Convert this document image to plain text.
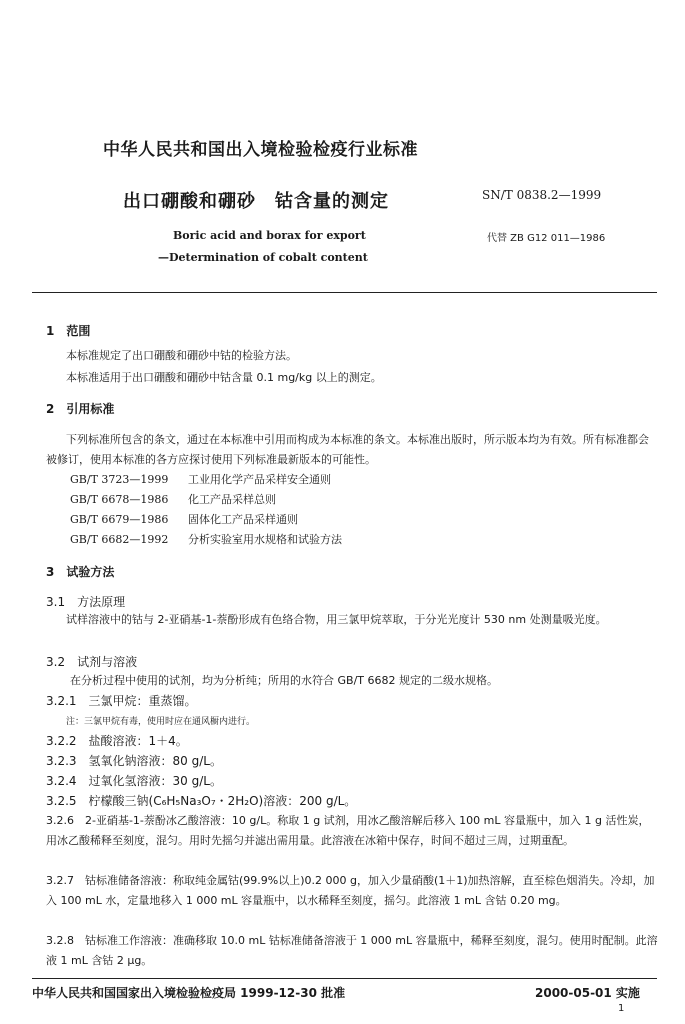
中华人民共和国出入境检验检疫行业标准
出口硼酸和硼砂　钴含量的测定	SN/T 0838.2—1999
Boric acid and borax for export
—Determination of cobalt content
代替 ZB G12 011—1986
1　范围
本标准规定了出口硼酸和硼砂中钴的检验方法。
本标准适用于出口硼酸和硼砂中钴含量 0.1 mg/kg 以上的测定。
2　引用标准
下列标准所包含的条文，通过在本标准中引用而构成为本标准的条文。本标准出版时，所示版本均为有效。所有标准都会被修订，使用本标准的各方应探讨使用下列标准最新版本的可能性。
GB/T 3723—1999 工业用化学产品采样安全通则
GB/T 6678—1986 化工产品采样总则
GB/T 6679—1986 固体化工产品采样通则
GB/T 6682—1992 分析实验室用水规格和试验方法
3　试验方法
3.1　方法原理
试样溶液中的钴与 2-亚硝基-1-萘酚形成有色络合物，用三氯甲烷萃取，于分光光度计 530 nm 处测量吸光度。
3.2　试剂与溶液
在分析过程中使用的试剂，均为分析纯；所用的水符合 GB/T 6682 规定的二级水规格。
3.2.1　三氯甲烷：重蒸馏。
注：三氯甲烷有毒，使用时应在通风橱内进行。
3.2.2　盐酸溶液：1＋4。
3.2.3　氢氧化钠溶液：80 g/L。
3.2.4　过氧化氢溶液：30 g/L。
3.2.5　柠檬酸三钠(C₆H₅Na₃O₇・2H₂O)溶液：200 g/L。
3.2.6　2-亚硝基-1-萘酚冰乙酸溶液：10 g/L。称取 1 g 试剂，用冰乙酸溶解后移入 100 mL 容量瓶中，加入 1 g 活性炭，用冰乙酸稀释至刻度，混匀。用时先摇匀并滤出需用量。此溶液在冰箱中保存，时间不超过三周，过期重配。
3.2.7　钴标准储备溶液：称取纯金属钴(99.9%以上)0.2 000 g，加入少量硝酸(1＋1)加热溶解，直至棕色烟消失。冷却，加入 100 mL 水，定量地移入 1 000 mL 容量瓶中，以水稀释至刻度，摇匀。此溶液 1 mL 含钴 0.20 mg。
3.2.8　钴标准工作溶液：准确移取 10.0 mL 钴标准储备溶液于 1 000 mL 容量瓶中，稀释至刻度，混匀。使用时配制。此溶液 1 mL 含钴 2 μg。
中华人民共和国国家出入境检验检疫局 1999-12-30 批准	2000-05-01 实施
1
